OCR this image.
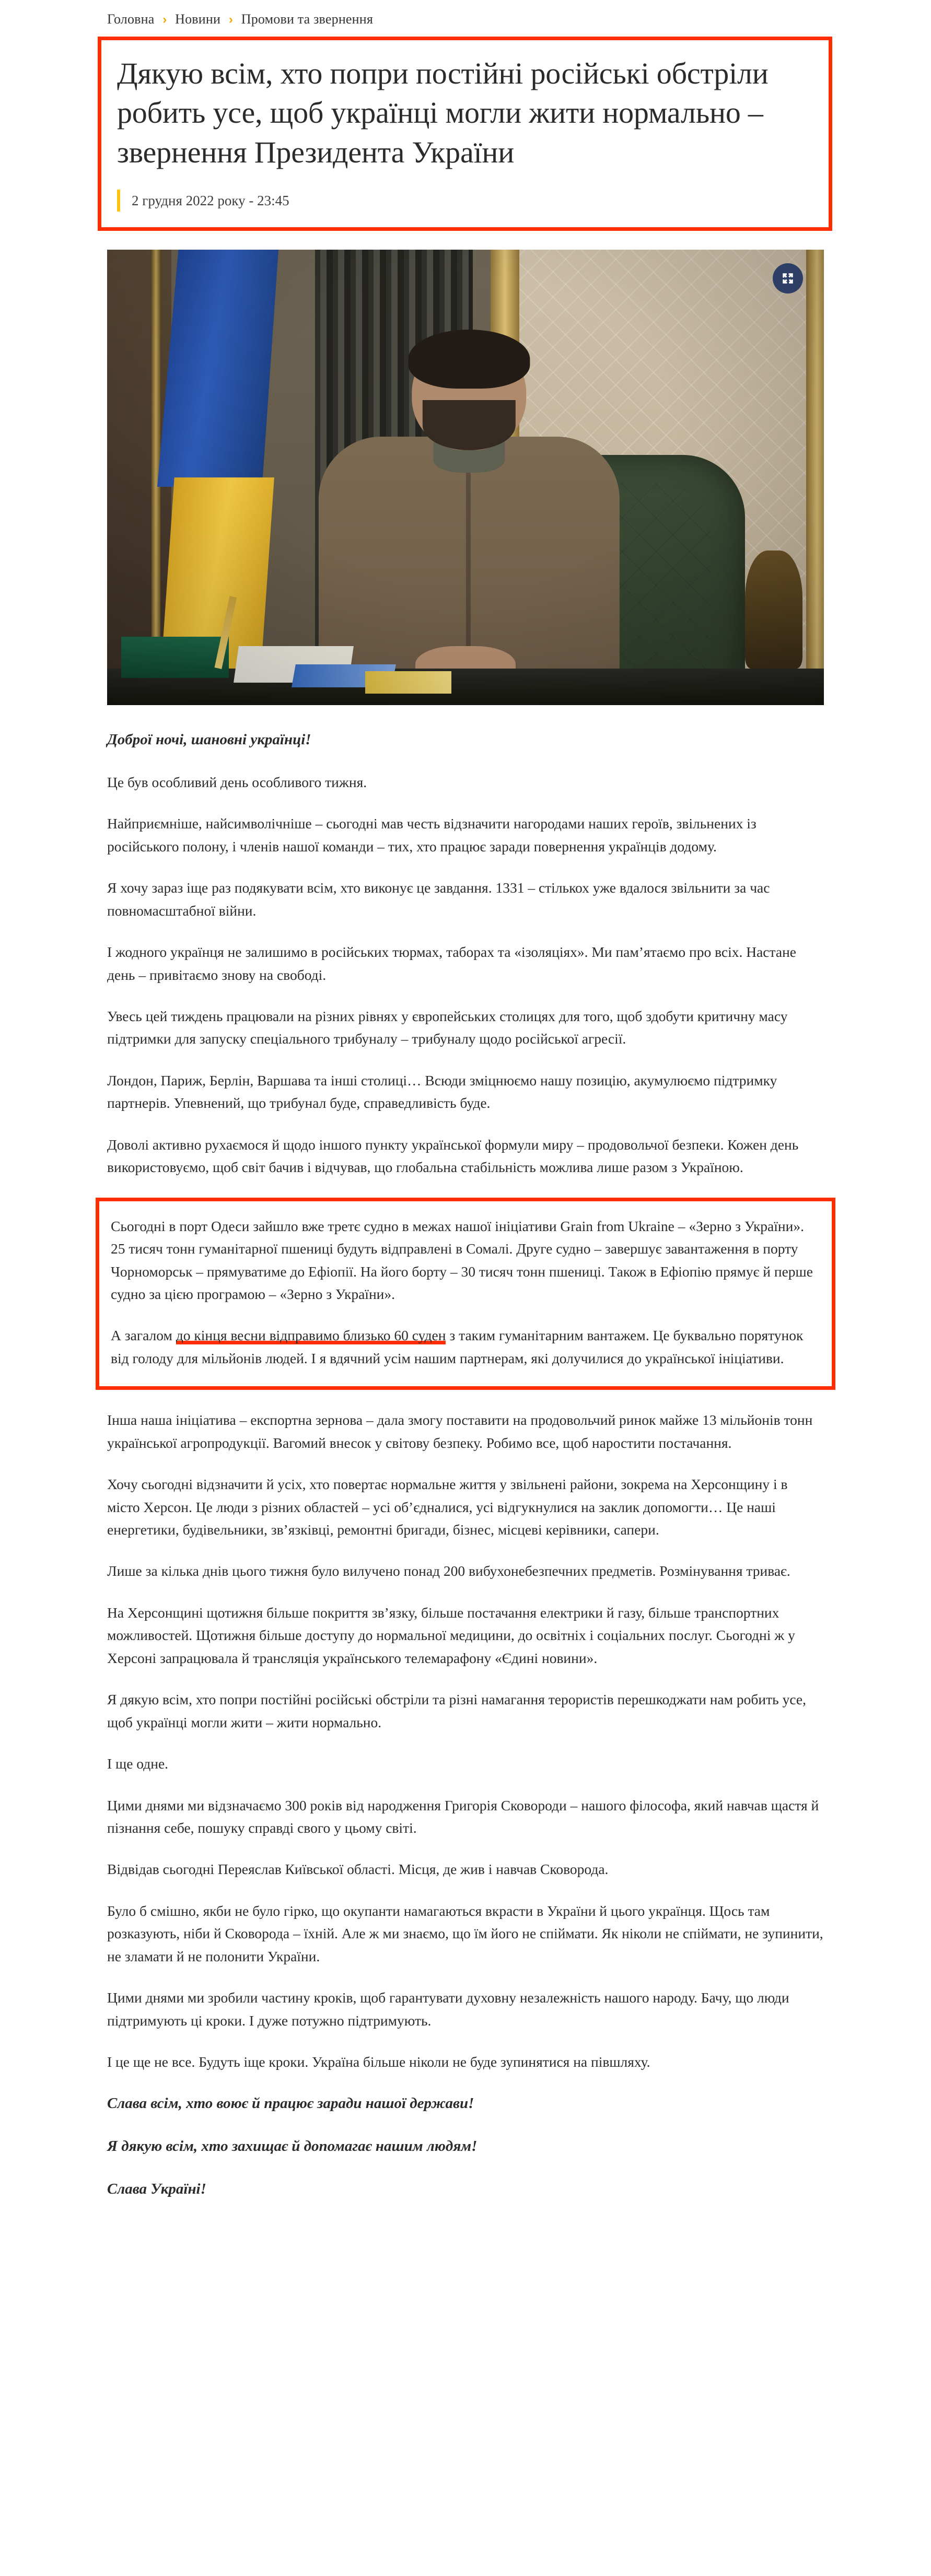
Головна › Новини › Промови та звернення
Дякую всім, хто попри постійні російські обстріли робить усе, щоб українці могли жити нормально – звернення Президента України
2 грудня 2022 року - 23:45

Доброї ночі, шановні українці!

Це був особливий день особливого тижня.

Найприємніше, найсимволічніше – сьогодні мав честь відзначити нагородами наших героїв, звільнених із російського полону, і членів нашої команди – тих, хто працює заради повернення українців додому.

Я хочу зараз іще раз подякувати всім, хто виконує це завдання. 1331 – стількох уже вдалося звільнити за час повномасштабної війни.

І жодного українця не залишимо в російських тюрмах, таборах та «ізоляціях». Ми пам’ятаємо про всіх. Настане день – привітаємо знову на свободі.

Увесь цей тиждень працювали на різних рівнях у європейських столицях для того, щоб здобути критичну масу підтримки для запуску спеціального трибуналу – трибуналу щодо російської агресії.

Лондон, Париж, Берлін, Варшава та інші столиці… Всюди зміцнюємо нашу позицію, акумулюємо підтримку партнерів. Упевнений, що трибунал буде, справедливість буде.

Доволі активно рухаємося й щодо іншого пункту української формули миру – продовольчої безпеки. Кожен день використовуємо, щоб світ бачив і відчував, що глобальна стабільність можлива лише разом з Україною.

Сьогодні в порт Одеси зайшло вже третє судно в межах нашої ініціативи Grain from Ukraine – «Зерно з України». 25 тисяч тонн гуманітарної пшениці будуть відправлені в Сомалі. Друге судно – завершує завантаження в порту Чорноморськ – прямуватиме до Ефіопії. На його борту – 30 тисяч тонн пшениці. Також в Ефіопію прямує й перше судно за цією програмою – «Зерно з України».

А загалом до кінця весни відправимо близько 60 суден з таким гуманітарним вантажем. Це буквально порятунок від голоду для мільйонів людей. І я вдячний усім нашим партнерам, які долучилися до української ініціативи.

Інша наша ініціатива – експортна зернова – дала змогу поставити на продовольчий ринок майже 13 мільйонів тонн української агропродукції. Вагомий внесок у світову безпеку. Робимо все, щоб наростити постачання.

Хочу сьогодні відзначити й усіх, хто повертає нормальне життя у звільнені райони, зокрема на Херсонщину і в місто Херсон. Це люди з різних областей – усі об’єдналися, усі відгукнулися на заклик допомогти… Це наші енергетики, будівельники, зв’язківці, ремонтні бригади, бізнес, місцеві керівники, сапери.

Лише за кілька днів цього тижня було вилучено понад 200 вибухонебезпечних предметів. Розмінування триває.

На Херсонщині щотижня більше покриття зв’язку, більше постачання електрики й газу, більше транспортних можливостей. Щотижня більше доступу до нормальної медицини, до освітніх і соціальних послуг. Сьогодні ж у Херсоні запрацювала й трансляція українського телемарафону «Єдині новини».

Я дякую всім, хто попри постійні російські обстріли та різні намагання терористів перешкоджати нам робить усе, щоб українці могли жити – жити нормально.

І ще одне.

Цими днями ми відзначаємо 300 років від народження Григорія Сковороди – нашого філософа, який навчав щастя й пізнання себе, пошуку справді свого у цьому світі.

Відвідав сьогодні Переяслав Київської області. Місця, де жив і навчав Сковорода.

Було б смішно, якби не було гірко, що окупанти намагаються вкрасти в України й цього українця. Щось там розказують, ніби й Сковорода – їхній. Але ж ми знаємо, що їм його не спіймати. Як ніколи не спіймати, не зупинити, не зламати й не полонити України.

Цими днями ми зробили частину кроків, щоб гарантувати духовну незалежність нашого народу. Бачу, що люди підтримують ці кроки. І дуже потужно підтримують.

І це ще не все. Будуть іще кроки. Україна більше ніколи не буде зупинятися на півшляху.

Слава всім, хто воює й працює заради нашої держави!

Я дякую всім, хто захищає й допомагає нашим людям!

Слава Україні!
